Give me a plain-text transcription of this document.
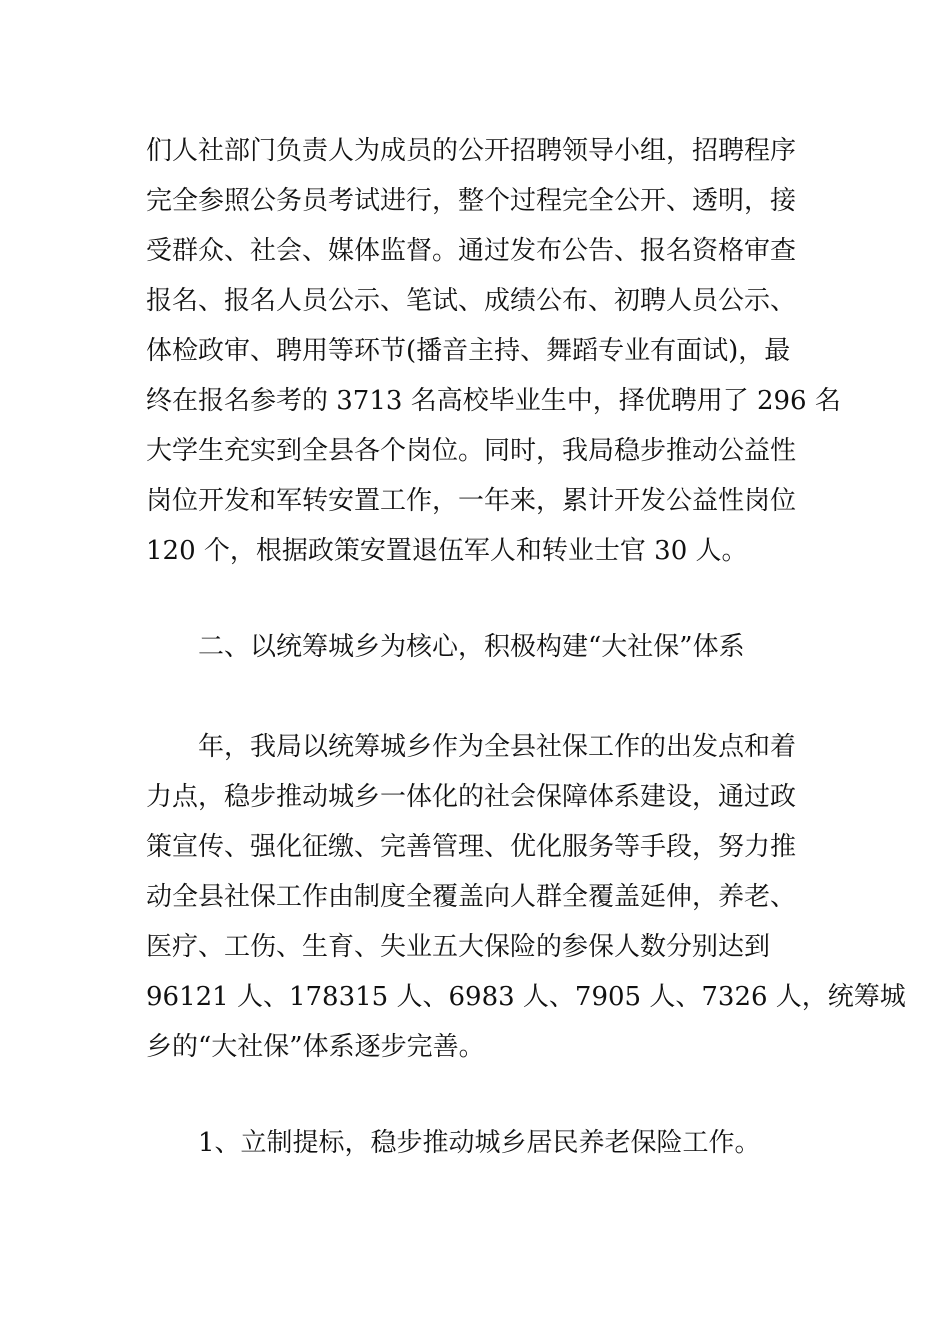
们人社部门负责人为成员的公开招聘领导小组，招聘程序
完全参照公务员考试进行，整个过程完全公开、透明，接
受群众、社会、媒体监督。通过发布公告、报名资格审查
报名、报名人员公示、笔试、成绩公布、初聘人员公示、
体检政审、聘用等环节(播音主持、舞蹈专业有面试)，最
终在报名参考的 3713 名高校毕业生中，择优聘用了 296 名
大学生充实到全县各个岗位。同时，我局稳步推动公益性
岗位开发和军转安置工作，一年来，累计开发公益性岗位
120 个，根据政策安置退伍军人和转业士官 30 人。
二、以统筹城乡为核心，积极构建“大社保”体系
年，我局以统筹城乡作为全县社保工作的出发点和着
力点，稳步推动城乡一体化的社会保障体系建设，通过政
策宣传、强化征缴、完善管理、优化服务等手段，努力推
动全县社保工作由制度全覆盖向人群全覆盖延伸，养老、
医疗、工伤、生育、失业五大保险的参保人数分别达到
96121 人、178315 人、6983 人、7905 人、7326 人，统筹城
乡的“大社保”体系逐步完善。
1、立制提标，稳步推动城乡居民养老保险工作。
